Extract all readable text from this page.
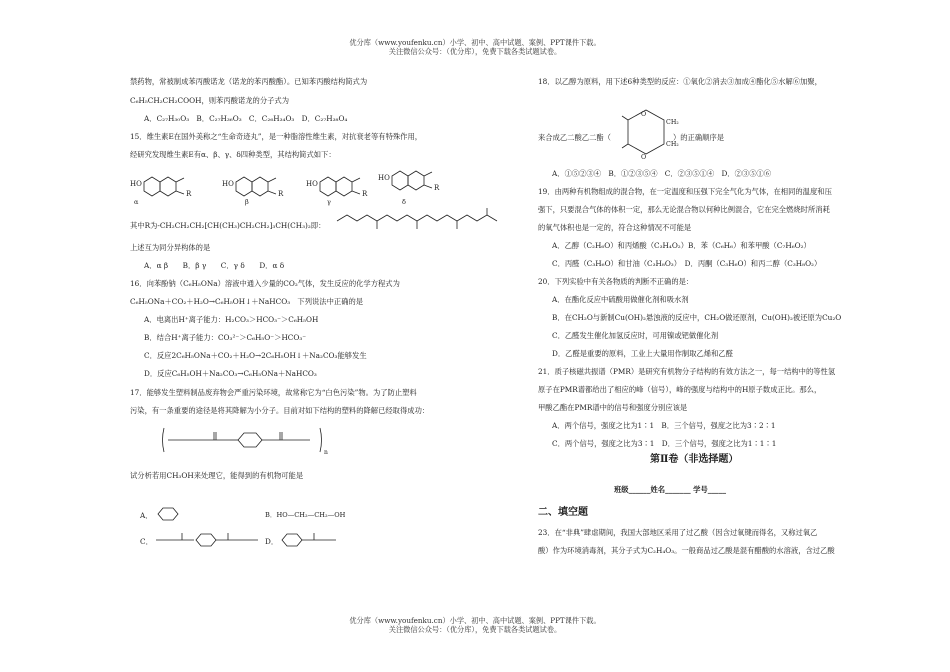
优分库（www.youfenku.cn）小学、初中、高中试题、案例、PPT课件下载。
关注微信公众号：（优分库），免费下载各类试题试卷。
禁药物，常被制成苯丙酸诺龙（诺龙的苯丙酸酯）。已知苯丙酸结构简式为
C₆H₅CH₂CH₂COOH，则苯丙酸诺龙的分子式为
A．C₂₇H₃₀O₃　B．C₂₇H₃₆O₃　C．C₂₆H₃₄O₃　D．C₂₇H₃₈O₄
15．维生素E在国外美称之“生命奇迹丸”，是一种脂溶性维生素，对抗衰老等有特殊作用，
经研究发现维生素E有α、β、γ、δ四种类型，其结构简式如下：
HO
R
HO
R
HO
R
HO
R
α	β	γ	δ
其中R为-CH₂CH₂CH₂[CH(CH₃)CH₂CH₂]₃CH(CH₃)₂即：
上述互为同分异构体的是
A．α β　　B．β γ　　C．γ δ　　D．α δ
16．向苯酚钠（C₆H₅ONa）溶液中通入少量的CO₂气体，发生反应的化学方程式为
C₆H₅ONa＋CO₂＋H₂O→C₆H₅OH↓＋NaHCO₃　下列说法中正确的是
A．电离出H⁺离子能力：H₂CO₃＞HCO₃⁻＞C₆H₅OH
B．结合H⁺离子能力：CO₃²⁻＞C₆H₅O⁻＞HCO₃⁻
C．反应2C₆H₅ONa＋CO₂＋H₂O→2C₆H₅OH↓＋Na₂CO₃能够发生
D．反应C₆H₅OH＋Na₂CO₃→C₆H₅ONa＋NaHCO₃
17．能够发生塑料制品废弃物会严重污染环境，故常称它为“白色污染”物。为了防止塑料
污染，有一条重要的途径是将其降解为小分子。目前对如下结构的塑料的降解已经取得成功：
n
试分析若用CH₃OH来处理它，能得到的有机物可能是
A．	B．HO—CH₂—CH₂—OH
C．	D．
18．以乙醇为原料，用下述6种类型的反应：①氧化②消去③加成④酯化⑤水解⑥加聚，
来合成乙二酸乙二酯（	）的正确顺序是
CH₂
CH₂
O
O
A．①⑤②③④　B．①②③⑤④　C．②③⑤①④　D．②③⑤①⑥
19．由两种有机物组成的混合物，在一定温度和压强下完全气化为气体，在相同的温度和压
强下，只要混合气体的体积一定，那么无论混合物以何种比例混合，它在完全燃烧时所消耗
的氧气体积也是一定的，符合这种情况不可能是
A．乙醇（C₂H₆O）和丙烯酸（C₃H₄O₂）B．苯（C₆H₆）和苯甲酸（C₇H₆O₂）
C．丙醛（C₃H₆O）和甘油（C₃H₈O₃）　D．丙酮（C₃H₆O）和丙二醇（C₃H₈O₂）
20．下列实验中有关各物质的判断不正确的是：
A．在酯化反应中硫酸用做催化剂和吸水剂
B．在CH₂O与新制Cu(OH)₂悬浊液的反应中，CH₂O做还原剂，Cu(OH)₂被还原为Cu₂O
C．乙醛发生催化加氢反应时，可用镍或钯做催化剂
D．乙醛是重要的原料，工业上大量用作制取乙烯和乙醛
21．质子核磁共振谱（PMR）是研究有机物分子结构的有效方法之一，每一结构中的等性氢
原子在PMR谱都给出了相应的峰（信号），峰的强度与结构中的H原子数成正比。那么，
甲酸乙酯在PMR谱中的信号和强度分别应该是
A．两个信号，强度之比为1∶1　B．三个信号，强度之比为3∶2∶1
C．两个信号，强度之比为3∶1　D．三个信号，强度之比为1∶1∶1
第Ⅱ卷（非选择题）
班级______姓名_______ 学号_____
二、填空题
23．在“非典”肆虐期间，我国大部地区采用了过乙酸（因含过氧键而得名，又称过氧乙
酸）作为环境消毒剂，其分子式为C₂H₄O₃。一般商品过乙酸是混有醋酸的水溶液，含过乙酸
优分库（www.youfenku.cn）小学、初中、高中试题、案例、PPT课件下载。
关注微信公众号：（优分库），免费下载各类试题试卷。
